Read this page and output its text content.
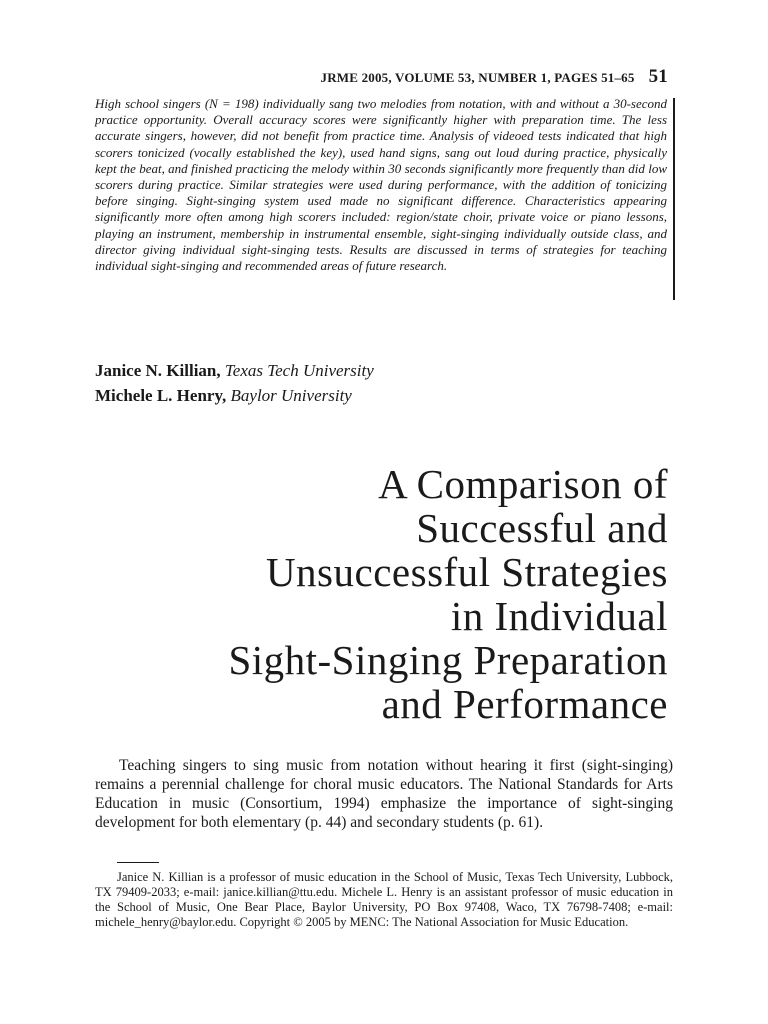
JRME 2005, VOLUME 53, NUMBER 1, PAGES 51–65 51
High school singers (N = 198) individually sang two melodies from notation, with and without a 30-second practice opportunity. Overall accuracy scores were significantly higher with preparation time. The less accurate singers, however, did not benefit from practice time. Analysis of videoed tests indicated that high scorers tonicized (vocally established the key), used hand signs, sang out loud during practice, physically kept the beat, and finished practicing the melody within 30 seconds significantly more frequently than did low scorers during practice. Similar strategies were used during performance, with the addition of tonicizing before singing. Sight-singing system used made no significant difference. Characteristics appearing significantly more often among high scorers included: region/state choir, private voice or piano lessons, playing an instrument, membership in instrumental ensemble, sight-singing individually outside class, and director giving individual sight-singing tests. Results are discussed in terms of strategies for teaching individual sight-singing and recommended areas of future research.
Janice N. Killian, Texas Tech University
Michele L. Henry, Baylor University
A Comparison of
Successful and
Unsuccessful Strategies
in Individual
Sight-Singing Preparation
and Performance

Teaching singers to sing music from notation without hearing it first (sight-singing) remains a perennial challenge for choral music educators. The National Standards for Arts Education in music (Consortium, 1994) emphasize the importance of sight-singing development for both elementary (p. 44) and secondary students (p. 61).

Janice N. Killian is a professor of music education in the School of Music, Texas Tech University, Lubbock, TX 79409-2033; e-mail: janice.killian@ttu.edu. Michele L. Henry is an assistant professor of music education in the School of Music, One Bear Place, Baylor University, PO Box 97408, Waco, TX 76798-7408; e-mail: michele_henry@baylor.edu. Copyright © 2005 by MENC: The National Association for Music Education.
